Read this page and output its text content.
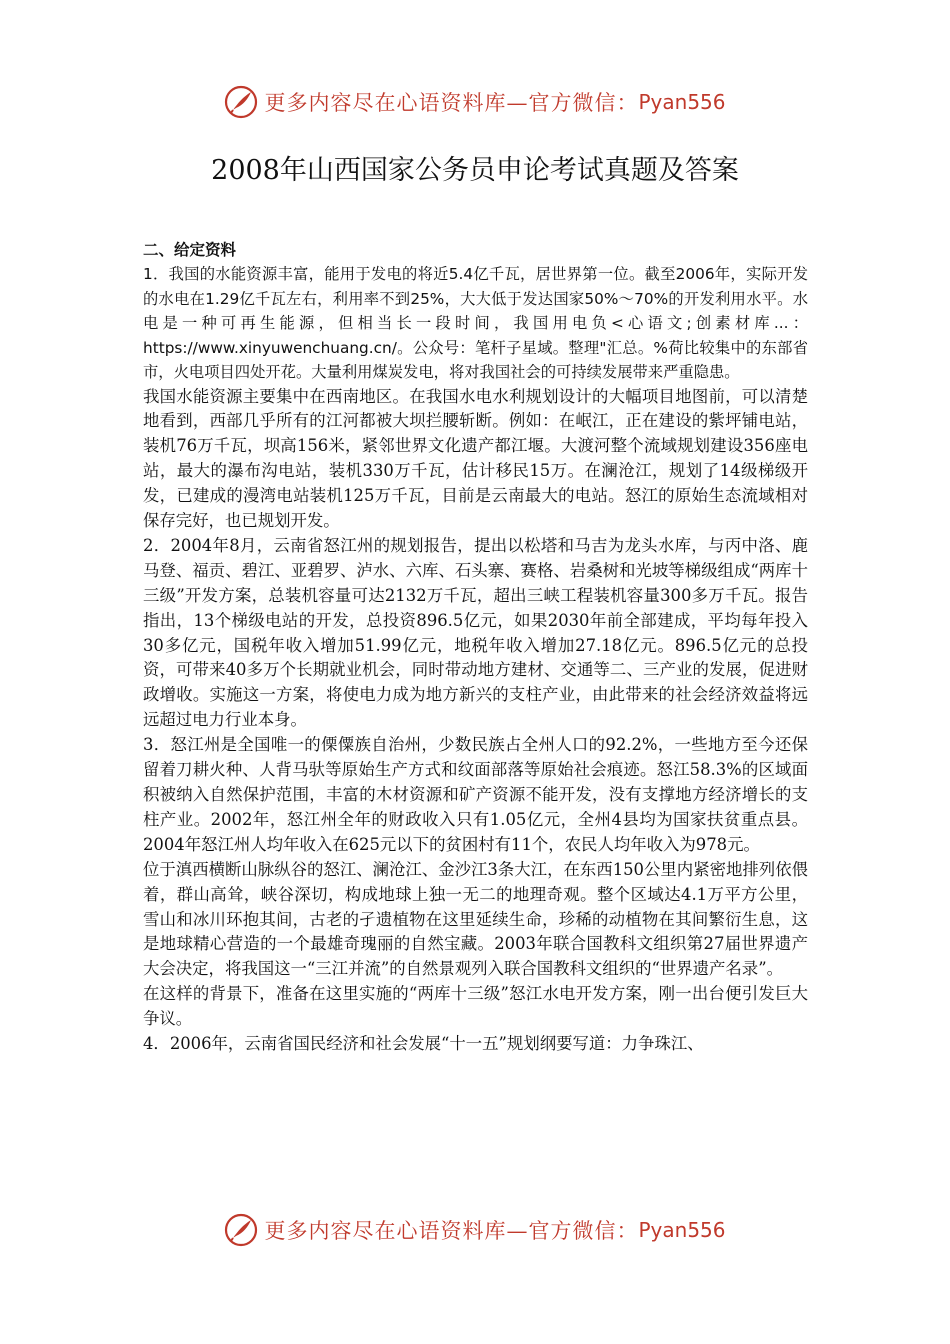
更多内容尽在心语资料库—官方微信： Pyan556
2008年山西国家公务员申论考试真题及答案

二、给定资料

1．我国的水能资源丰富，能用于发电的将近5.4亿千瓦，居世界第一位。截至2006年，实际开发的水电在1.29亿千瓦左右，利用率不到25%，大大低于发达国家50%～70%的开发利用水平。水电是一种可再生能源，但相当长一段时间，我国用电负<心语文;创素材库...：https://www.xinyuwenchuang.cn/。公众号：笔杆子星域。整理"汇总。%荷比较集中的东部省市，火电项目四处开花。大量利用煤炭发电，将对我国社会的可持续发展带来严重隐患。

我国水能资源主要集中在西南地区。在我国水电水利规划设计的大幅项目地图前，可以清楚地看到，西部几乎所有的江河都被大坝拦腰斩断。例如：在岷江，正在建设的紫坪铺电站，装机76万千瓦，坝高156米，紧邻世界文化遗产都江堰。大渡河整个流域规划建设356座电站，最大的瀑布沟电站，装机330万千瓦，估计移民15万。在澜沧江，规划了14级梯级开发，已建成的漫湾电站装机125万千瓦，目前是云南最大的电站。怒江的原始生态流域相对保存完好，也已规划开发。

2．2004年8月，云南省怒江州的规划报告，提出以松塔和马吉为龙头水库，与丙中洛、鹿马登、福贡、碧江、亚碧罗、泸水、六库、石头寨、赛格、岩桑树和光坡等梯级组成“两库十三级”开发方案，总装机容量可达2132万千瓦，超出三峡工程装机容量300多万千瓦。报告指出，13个梯级电站的开发，总投资896.5亿元，如果2030年前全部建成，平均每年投入30多亿元，国税年收入增加51.99亿元，地税年收入增加27.18亿元。896.5亿元的总投资，可带来40多万个长期就业机会，同时带动地方建材、交通等二、三产业的发展，促进财政增收。实施这一方案，将使电力成为地方新兴的支柱产业，由此带来的社会经济效益将远远超过电力行业本身。

3．怒江州是全国唯一的傈僳族自治州，少数民族占全州人口的92.2%，一些地方至今还保留着刀耕火种、人背马驮等原始生产方式和纹面部落等原始社会痕迹。怒江58.3%的区域面积被纳入自然保护范围，丰富的木材资源和矿产资源不能开发，没有支撑地方经济增长的支柱产业。2002年，怒江州全年的财政收入只有1.05亿元，全州4县均为国家扶贫重点县。2004年怒江州人均年收入在625元以下的贫困村有11个，农民人均年收入为978元。

位于滇西横断山脉纵谷的怒江、澜沧江、金沙江3条大江，在东西150公里内紧密地排列依偎着，群山高耸，峡谷深切，构成地球上独一无二的地理奇观。整个区域达4.1万平方公里，雪山和冰川环抱其间，古老的孑遗植物在这里延续生命，珍稀的动植物在其间繁衍生息，这是地球精心营造的一个最雄奇瑰丽的自然宝藏。2003年联合国教科文组织第27届世界遗产大会决定，将我国这一“三江并流”的自然景观列入联合国教科文组织的“世界遗产名录”。

在这样的背景下，准备在这里实施的“两库十三级”怒江水电开发方案，刚一出台便引发巨大争议。

4．2006年，云南省国民经济和社会发展“十一五”规划纲要写道：力争珠江、

更多内容尽在心语资料库—官方微信： Pyan556
